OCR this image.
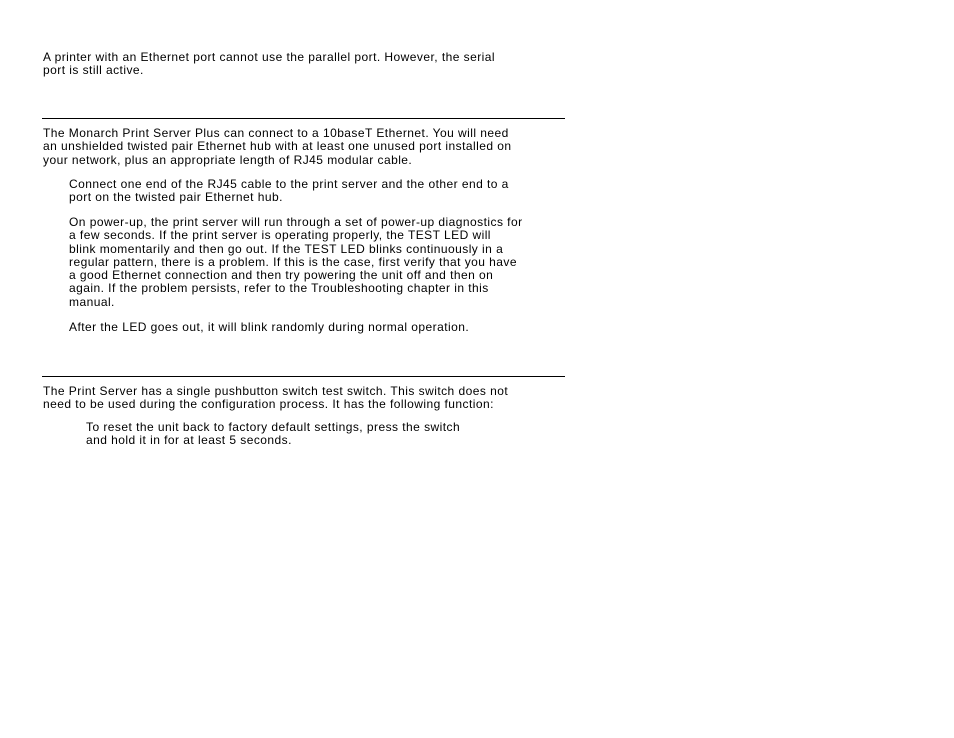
A printer with an Ethernet port cannot use the parallel port. However, the serial
port is still active.

The Monarch Print Server Plus can connect to a 10baseT Ethernet. You will need
an unshielded twisted pair Ethernet hub with at least one unused port installed on
your network, plus an appropriate length of RJ45 modular cable.

Connect one end of the RJ45 cable to the print server and the other end to a
port on the twisted pair Ethernet hub.

On power-up, the print server will run through a set of power-up diagnostics for
a few seconds. If the print server is operating properly, the TEST LED will
blink momentarily and then go out. If the TEST LED blinks continuously in a
regular pattern, there is a problem. If this is the case, first verify that you have
a good Ethernet connection and then try powering the unit off and then on
again. If the problem persists, refer to the Troubleshooting chapter in this
manual.

After the LED goes out, it will blink randomly during normal operation.

The Print Server has a single pushbutton switch test switch. This switch does not
need to be used during the configuration process. It has the following function:

To reset the unit back to factory default settings, press the switch
and hold it in for at least 5 seconds.
